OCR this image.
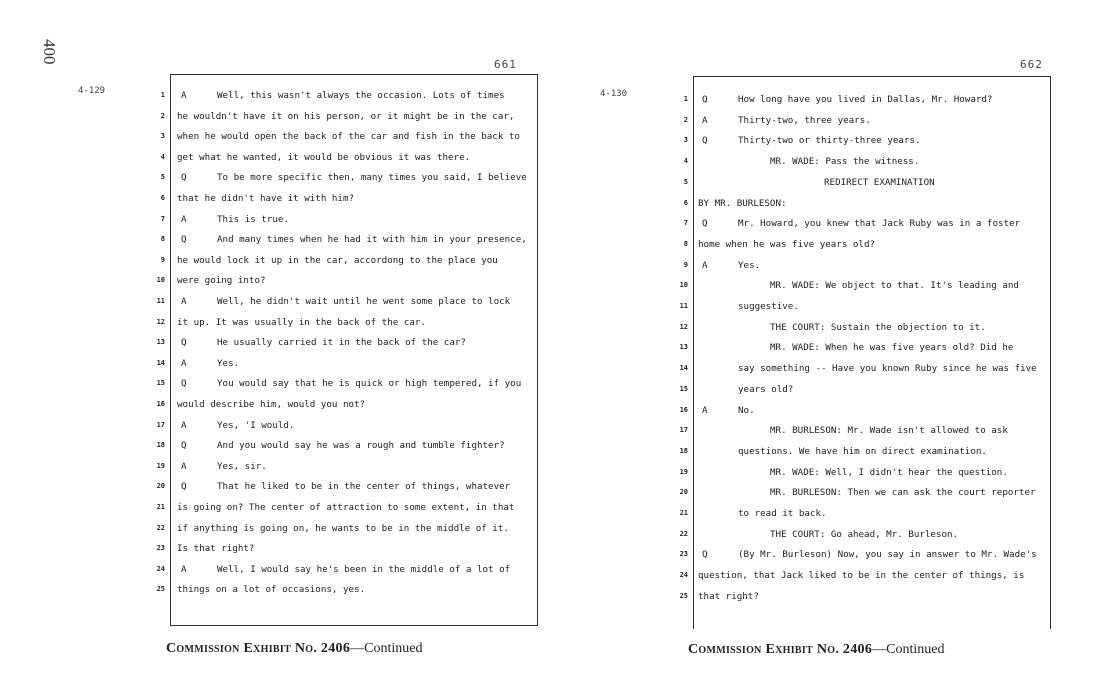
400
4-129
661
1 A	Well, this wasn't always the occasion. Lots of times
2 he wouldn't have it on his person, or it might be in the car,
3 when he would open the back of the car and fish in the back to
4 get what he wanted, it would be obvious it was there.
5 Q	To be more specific then, many times you said, I believe
6 that he didn't have it with him?
7 A	This is true.
8 Q	And many times when he had it with him in your presence,
9 he would lock it up in the car, accordong to the place you
10 were going into?
11 A	Well, he didn't wait until he went some place to lock
12 it up. It was usually in the back of the car.
13 Q	He usually carried it in the back of the car?
14 A	Yes.
15 Q	You would say that he is quick or high tempered, if you
16 would describe him, would you not?
17 A	Yes, 'I would.
18 Q	And you would say he was a rough and tumble fighter?
19 A	Yes, sir.
20 Q	That he liked to be in the center of things, whatever
21 is going on? The center of attraction to some extent, in that
22 if anything is going on, he wants to be in the middle of it.
23 Is that right?
24 A	Well, I would say he's been in the middle of a lot of
25 things on a lot of occasions, yes.
Commission Exhibit No. 2406—Continued
4-130
662
1 Q	How long have you lived in Dallas, Mr. Howard?
2 A	Thirty-two, three years.
3 Q	Thirty-two or thirty-three years.
4	MR. WADE: Pass the witness.
5	REDIRECT EXAMINATION
6 BY MR. BURLESON:
7 Q	Mr. Howard, you knew that Jack Ruby was in a foster
8 home when he was five years old?
9 A	Yes.
10	MR. WADE: We object to that. It's leading and
11	suggestive.
12	THE COURT: Sustain the objection to it.
13	MR. WADE: When he was five years old? Did he
14	say something -- Have you known Ruby since he was five
15	years old?
16 A	No.
17	MR. BURLESON: Mr. Wade isn't allowed to ask
18	questions. We have him on direct examination.
19	MR. WADE: Well, I didn't hear the question.
20	MR. BURLESON: Then we can ask the court reporter
21	to read it back.
22	THE COURT: Go ahead, Mr. Burleson.
23 Q	(By Mr. Burleson) Now, you say in answer to Mr. Wade's
24 question, that Jack liked to be in the center of things, is
25 that right?
Commission Exhibit No. 2406—Continued
